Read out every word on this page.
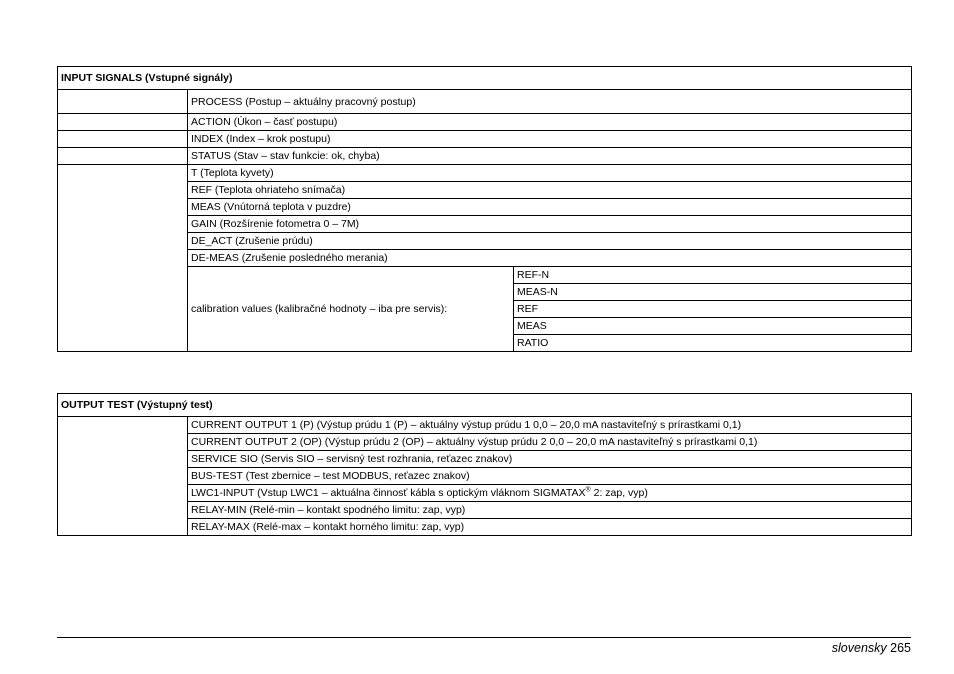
INPUT SIGNALS (Vstupné signály)		
	PROCESS (Postup – aktuálny pracovný postup)	
	ACTION (Úkon – časť postupu)	
	INDEX (Index – krok postupu)	
	STATUS (Stav – stav funkcie: ok, chyba)	
	T (Teplota kyvety)	
	REF (Teplota ohriateho snímača)	
	MEAS (Vnútorná teplota v puzdre)	
	GAIN (Rozšírenie fotometra 0 – 7M)	
	DE_ACT (Zrušenie prúdu)	
	DE-MEAS (Zrušenie posledného merania)	
	calibration values (kalibračné hodnoty – iba pre servis):	REF-N
		MEAS-N
		REF
		MEAS
		RATIO
OUTPUT TEST (Výstupný test)
	CURRENT OUTPUT 1 (P) (Výstup prúdu 1 (P) – aktuálny výstup prúdu 1 0,0 – 20,0 mA nastaviteľný s prírastkami 0,1)
CURRENT OUTPUT 2 (OP) (Výstup prúdu 2 (OP) – aktuálny výstup prúdu 2 0,0 – 20,0 mA nastaviteľný s prírastkami 0,1)
SERVICE SIO (Servis SIO – servisný test rozhrania, reťazec znakov)
BUS-TEST (Test zbernice – test MODBUS, reťazec znakov)
LWC1-INPUT (Vstup LWC1 – aktuálna činnosť kábla s optickým vláknom SIGMATAX® 2: zap, vyp)
RELAY-MIN (Relé-min – kontakt spodného limitu: zap, vyp)
RELAY-MAX (Relé-max – kontakt horného limitu: zap, vyp)
slovensky 265
